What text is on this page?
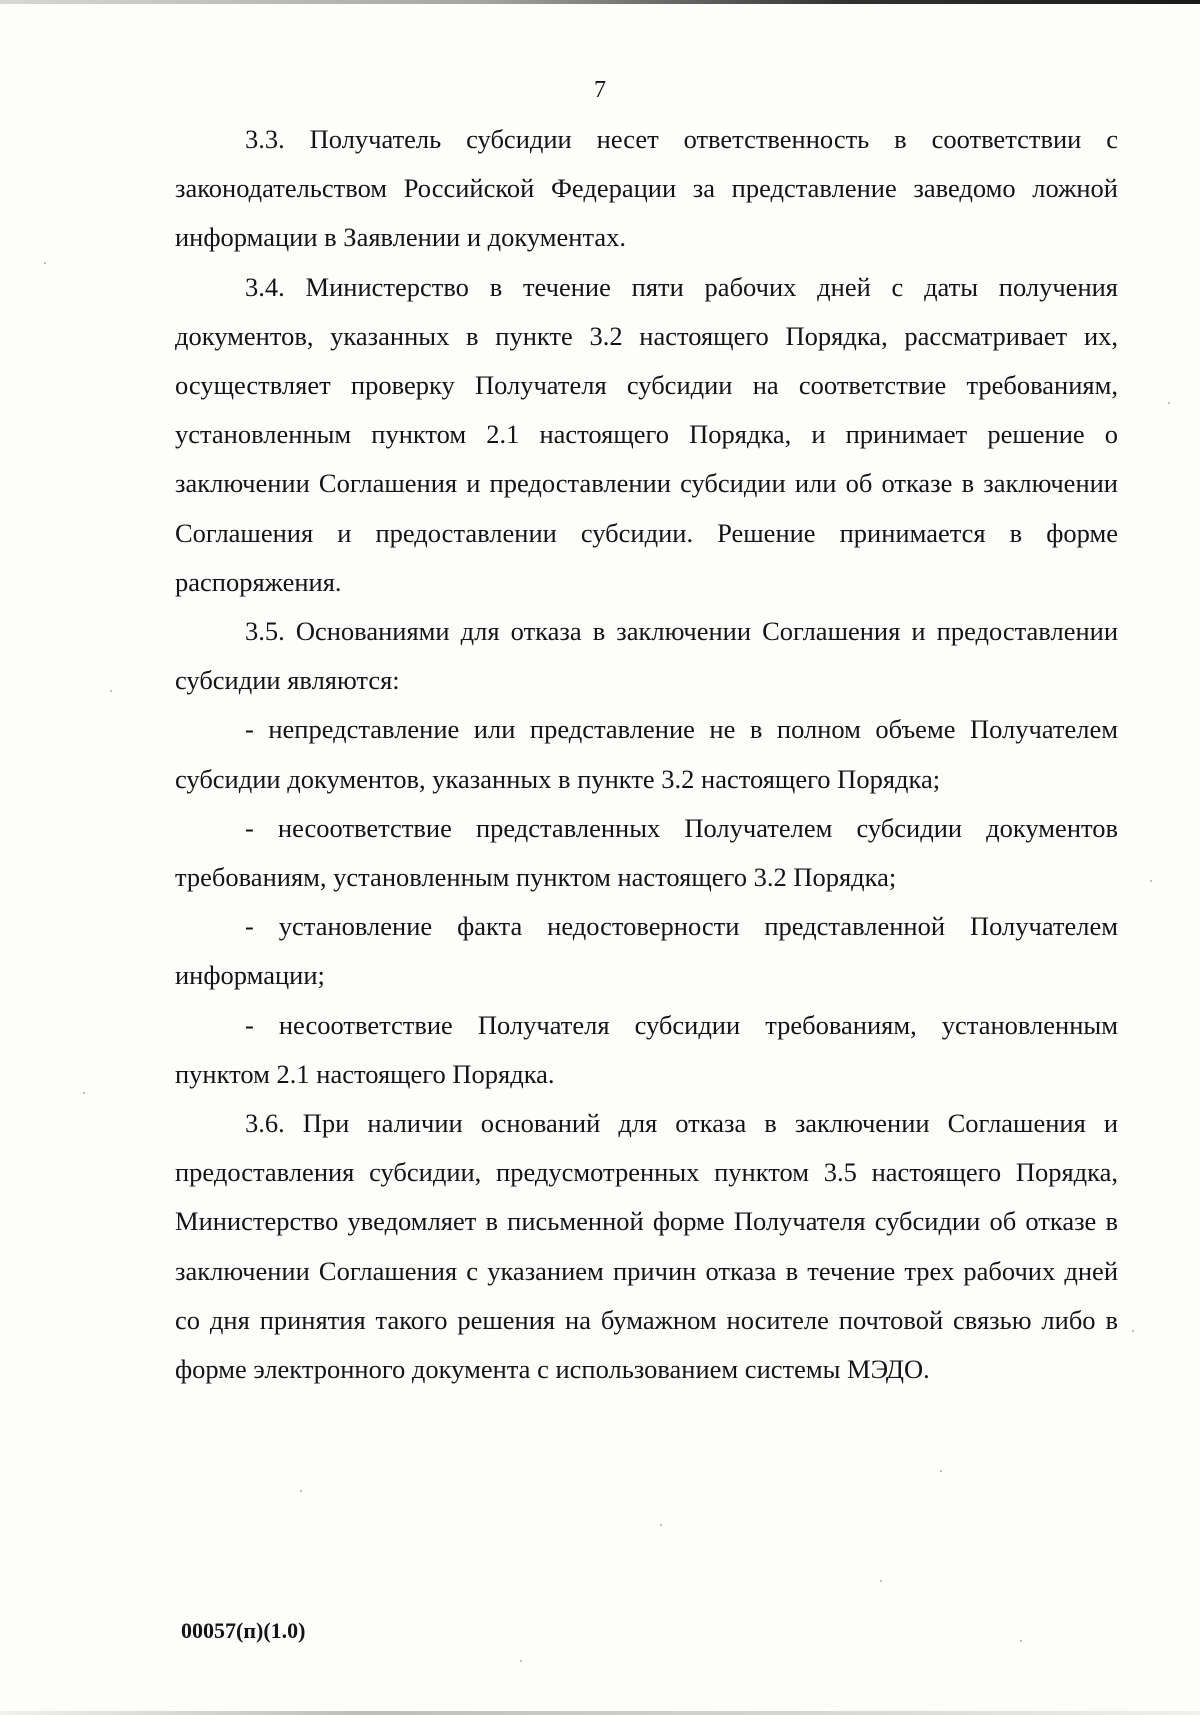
7

3.3. Получатель субсидии несет ответственность в соответствии с законодательством Российской Федерации за представление заведомо ложной информации в Заявлении и документах.

3.4. Министерство в течение пяти рабочих дней с даты получения документов, указанных в пункте 3.2 настоящего Порядка, рассматривает их, осуществляет проверку Получателя субсидии на соответствие требованиям, установленным пунктом 2.1 настоящего Порядка, и принимает решение о заключении Соглашения и предоставлении субсидии или об отказе в заключении Соглашения и предоставлении субсидии. Решение принимается в форме распоряжения.

3.5. Основаниями для отказа в заключении Соглашения и предоставлении субсидии являются:

- непредставление или представление не в полном объеме Получателем субсидии документов, указанных в пункте 3.2 настоящего Порядка;

- несоответствие представленных Получателем субсидии документов требованиям, установленным пунктом настоящего 3.2 Порядка;

- установление факта недостоверности представленной Получателем информации;

- несоответствие Получателя субсидии требованиям, установленным пунктом 2.1 настоящего Порядка.

3.6. При наличии оснований для отказа в заключении Соглашения и предоставления субсидии, предусмотренных пунктом 3.5 настоящего Порядка, Министерство уведомляет в письменной форме Получателя субсидии об отказе в заключении Соглашения с указанием причин отказа в течение трех рабочих дней со дня принятия такого решения на бумажном носителе почтовой связью либо в форме электронного документа с использованием системы МЭДО.

00057(п)(1.0)
